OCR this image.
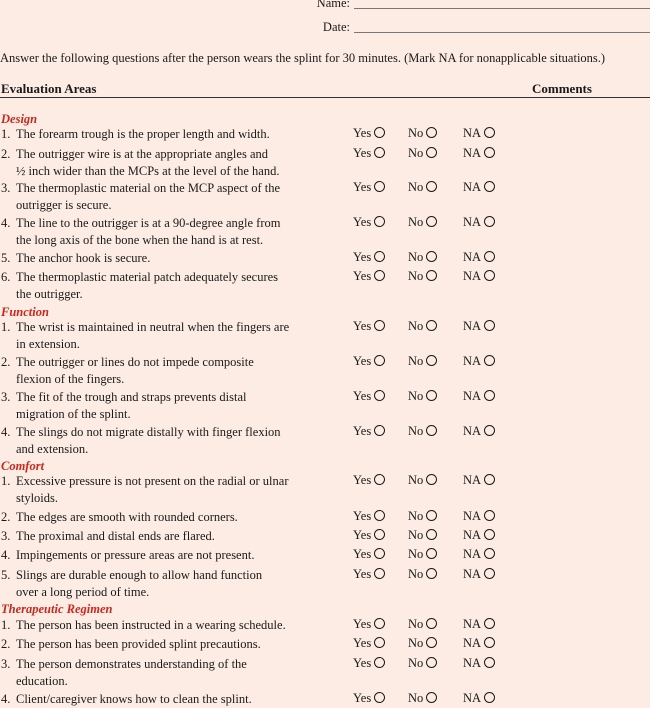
Name:
Date:
Answer the following questions after the person wears the splint for 30 minutes. (Mark NA for nonapplicable situations.)
Evaluation Areas	Comments
Design
1. The forearm trough is the proper length and width.	Yes	No	NA
2. The outrigger wire is at the appropriate angles and
½ inch wider than the MCPs at the level of the hand.
Yes	No	NA
3. The thermoplastic material on the MCP aspect of the
outrigger is secure.
Yes	No	NA
4. The line to the outrigger is at a 90-degree angle from
the long axis of the bone when the hand is at rest.
Yes	No	NA
5. The anchor hook is secure.	Yes	No	NA
6. The thermoplastic material patch adequately secures
the outrigger.
Yes	No	NA
Function
1. The wrist is maintained in neutral when the fingers are
in extension.
Yes	No	NA
2. The outrigger or lines do not impede composite
flexion of the fingers.
Yes	No	NA
3. The fit of the trough and straps prevents distal
migration of the splint.
Yes	No	NA
4. The slings do not migrate distally with finger flexion
and extension.
Yes	No	NA
Comfort
1. Excessive pressure is not present on the radial or ulnar
styloids.
Yes	No	NA
2. The edges are smooth with rounded corners.	Yes	No	NA
3. The proximal and distal ends are flared.	Yes	No	NA
4. Impingements or pressure areas are not present.	Yes	No	NA
5. Slings are durable enough to allow hand function
over a long period of time.
Yes	No	NA
Therapeutic Regimen
1. The person has been instructed in a wearing schedule.	Yes	No	NA
2. The person has been provided splint precautions.	Yes	No	NA
3. The person demonstrates understanding of the
education.
Yes	No	NA
4. Client/caregiver knows how to clean the splint.	Yes	No	NA
